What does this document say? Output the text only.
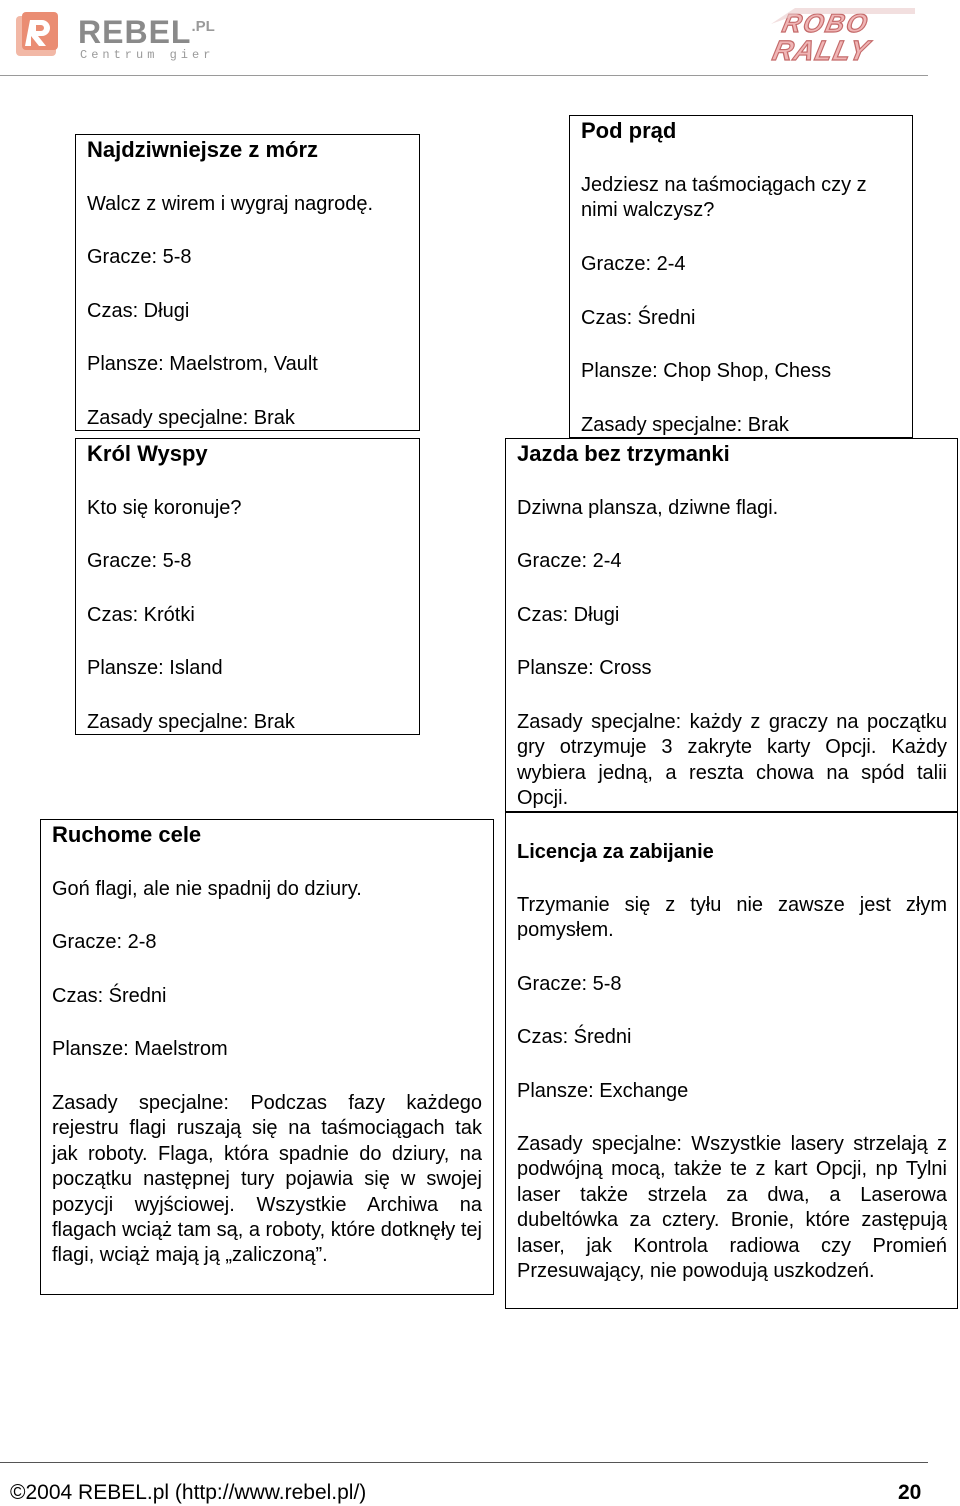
$REBEL^{.PL}$
Centrum gier
ROBO
RALLY
Najdziwniejsze z mórz
Walcz z wirem i wygraj nagrodę.
Gracze: 5-8
Czas: Długi
Plansze: Maelstrom, Vault
Zasady specjalne: Brak
Król Wyspy
Kto się koronuje?
Gracze: 5-8
Czas: Krótki
Plansze: Island
Zasady specjalne: Brak
Ruchome cele
Goń flagi, ale nie spadnij do dziury.
Gracze: 2-8
Czas: Średni
Plansze: Maelstrom
Zasady specjalne: Podczas fazy każdego rejestru flagi ruszają się na taśmociągach tak jak roboty. Flaga, która spadnie do dziury, na początku następnej tury pojawia się w swojej pozycji wyjściowej. Wszystkie Archiwa na flagach wciąż tam są, a roboty, które dotknęły tej flagi, wciąż mają ją „zaliczoną”.
Pod prąd
Jedziesz na taśmociągach czy z nimi walczysz?
Gracze: 2-4
Czas: Średni
Plansze: Chop Shop, Chess
Zasady specjalne: Brak
Jazda bez trzymanki
Dziwna plansza, dziwne flagi.
Gracze: 2-4
Czas: Długi
Plansze: Cross
Zasady specjalne: każdy z graczy na początku gry otrzymuje 3 zakryte karty Opcji. Każdy wybiera jedną, a reszta chowa na spód talii Opcji.
Licencja za zabijanie
Trzymanie się z tyłu nie zawsze jest złym pomysłem.
Gracze: 5-8
Czas: Średni
Plansze: Exchange
Zasady specjalne: Wszystkie lasery strzelają z podwójną mocą, także te z kart Opcji, np Tylni laser także strzela za dwa, a Laserowa dubeltówka za cztery. Bronie, które zastępują laser, jak Kontrola radiowa czy Promień Przesuwający, nie powodują uszkodzeń.
©2004 REBEL.pl (http://www.rebel.pl/)	20
